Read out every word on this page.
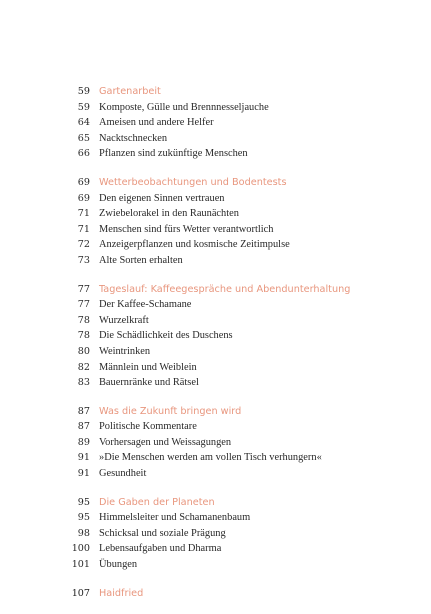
59 Gartenarbeit
59 Komposte, Gülle und Brennnesseljauche
64 Ameisen und andere Helfer
65 Nacktschnecken
66 Pflanzen sind zukünftige Menschen
69 Wetterbeobachtungen und Bodentests
69 Den eigenen Sinnen vertrauen
71 Zwiebelorakel in den Raunächten
71 Menschen sind fürs Wetter verantwortlich
72 Anzeigerpflanzen und kosmische Zeitimpulse
73 Alte Sorten erhalten
77 Tageslauf: Kaffeegespräche und Abendunterhaltung
77 Der Kaffee-Schamane
78 Wurzelkraft
78 Die Schädlichkeit des Duschens
80 Weintrinken
82 Männlein und Weiblein
83 Bauernränke und Rätsel
87 Was die Zukunft bringen wird
87 Politische Kommentare
89 Vorhersagen und Weissagungen
91 »Die Menschen werden am vollen Tisch verhungern«
91 Gesundheit
95 Die Gaben der Planeten
95 Himmelsleiter und Schamanenbaum
98 Schicksal und soziale Prägung
100 Lebensaufgaben und Dharma
101 Übungen
107 Haidfried
